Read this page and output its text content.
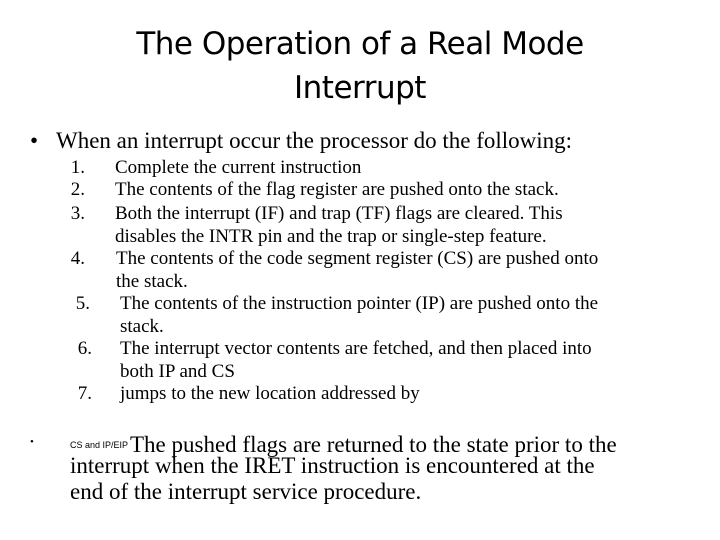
The Operation of a Real Mode
Interrupt
• When an interrupt occur the processor do the following:
1. Complete the current instruction
2. The contents of the flag register are pushed onto the stack.
3. Both the interrupt (IF) and trap (TF) flags are cleared. This
disables the INTR pin and the trap or single-step feature.
4. The contents of the code segment register (CS) are pushed onto
the stack.
5. The contents of the instruction pointer (IP) are pushed onto the
stack.
6. The interrupt vector contents are fetched, and then placed into
both IP and CS
7. jumps to the new location addressed by
•	CS and IP/EIP The pushed flags are returned to the state prior to the
interrupt when the IRET instruction is encountered at the
end of the interrupt service procedure.
